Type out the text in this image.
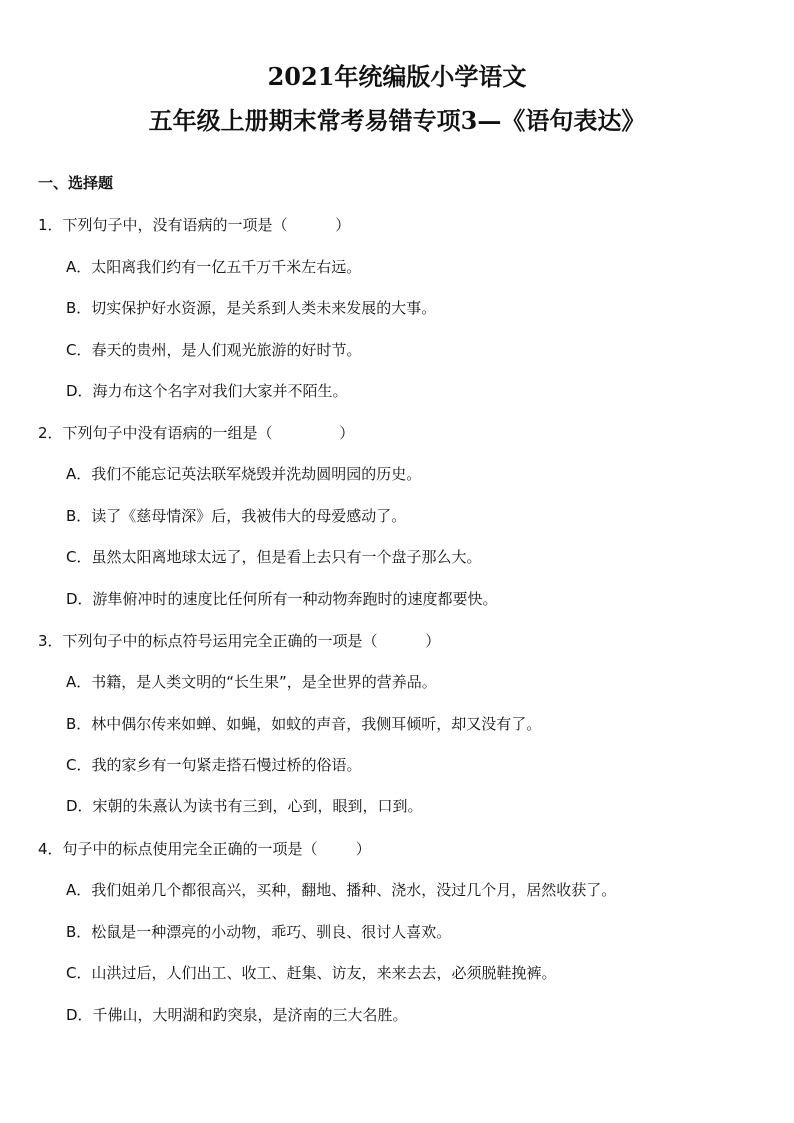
2021年统编版小学语文
五年级上册期末常考易错专项3—《语句表达》
一、选择题
1．下列句子中，没有语病的一项是（          ）
A．太阳离我们约有一亿五千万千米左右远。
B．切实保护好水资源，是关系到人类未来发展的大事。
C．春天的贵州，是人们观光旅游的好时节。
D．海力布这个名字对我们大家并不陌生。
2．下列句子中没有语病的一组是（              ）
A．我们不能忘记英法联军烧毁并洗劫圆明园的历史。
B．读了《慈母情深》后，我被伟大的母爱感动了。
C．虽然太阳离地球太远了，但是看上去只有一个盘子那么大。
D．游隼俯冲时的速度比任何所有一种动物奔跑时的速度都要快。
3．下列句子中的标点符号运用完全正确的一项是（          ）
A．书籍，是人类文明的“长生果”，是全世界的营养品。
B．林中偶尔传来如蝉、如蝇，如蚊的声音，我侧耳倾听，却又没有了。
C．我的家乡有一句紧走搭石慢过桥的俗语。
D．宋朝的朱熹认为读书有三到，心到，眼到，口到。
4．句子中的标点使用完全正确的一项是（        ）
A．我们姐弟几个都很高兴，买种，翻地、播种、浇水，没过几个月，居然收获了。
B．松鼠是一种漂亮的小动物，乖巧、驯良、很讨人喜欢。
C．山洪过后，人们出工、收工、赶集、访友，来来去去，必须脱鞋挽裤。
D．千佛山，大明湖和趵突泉，是济南的三大名胜。
